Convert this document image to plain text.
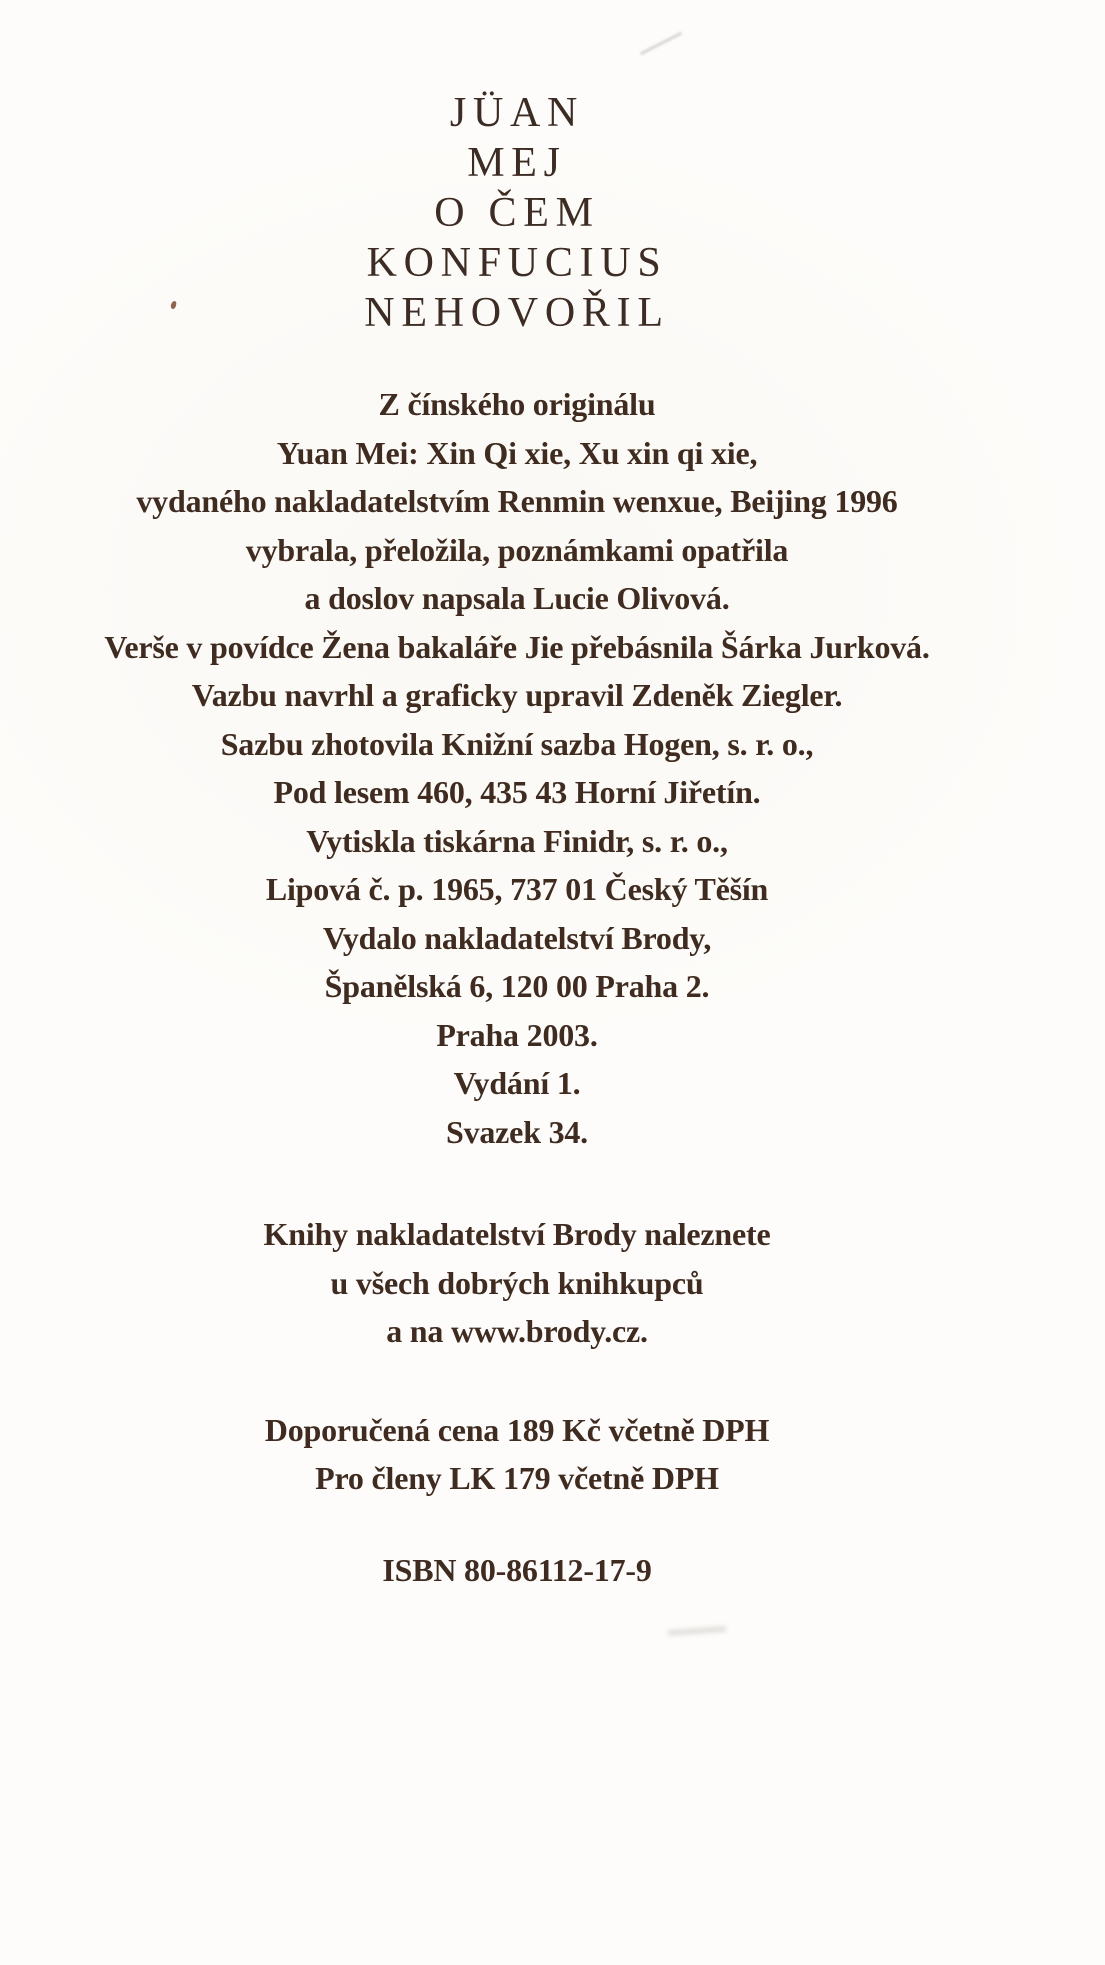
JÜAN
MEJ
O ČEM
KONFUCIUS
NEHOVOŘIL

Z čínského originálu

Yuan Mei: Xin Qi xie, Xu xin qi xie,

vydaného nakladatelstvím Renmin wenxue, Beijing 1996

vybrala, přeložila, poznámkami opatřila

a doslov napsala Lucie Olivová.

Verše v povídce Žena bakaláře Jie přebásnila Šárka Jurková.

Vazbu navrhl a graficky upravil Zdeněk Ziegler.

Sazbu zhotovila Knižní sazba Hogen, s. r. o.,

Pod lesem 460, 435 43 Horní Jiřetín.

Vytiskla tiskárna Finidr, s. r. o.,

Lipová č. p. 1965, 737 01 Český Těšín

Vydalo nakladatelství Brody,

Španělská 6, 120 00 Praha 2.

Praha 2003.

Vydání 1.

Svazek 34.

Knihy nakladatelství Brody naleznete

u všech dobrých knihkupců

a na www.brody.cz.

Doporučená cena 189 Kč včetně DPH

Pro členy LK 179 včetně DPH

ISBN 80-86112-17-9
